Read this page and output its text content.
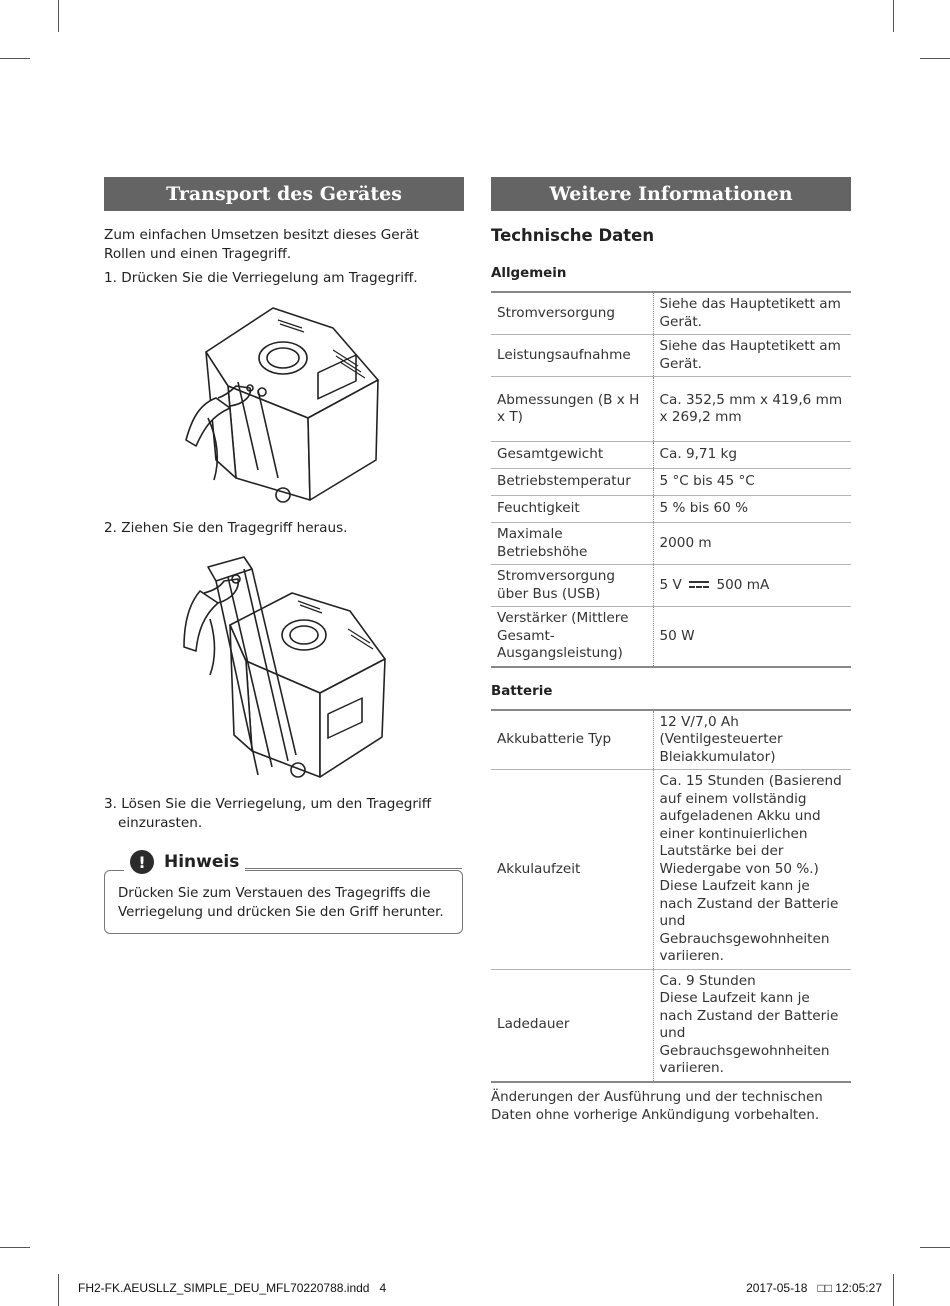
Transport des Gerätes

Zum einfachen Umsetzen besitzt dieses Gerät Rollen und einen Tragegriff.

1. Drücken Sie die Verriegelung am Tragegriff.

2. Ziehen Sie den Tragegriff heraus.

3. Lösen Sie die Verriegelung, um den Tragegriff
einzurasten.

!	Hinweis

Drücken Sie zum Verstauen des Tragegriffs die Verriegelung und drücken Sie den Griff herunter.

Weitere Informationen
Technische Daten
Allgemein
Stromversorgung	Siehe das Hauptetikett am Gerät.
Leistungsaufnahme	Siehe das Hauptetikett am Gerät.
Abmessungen (B x H x T)	Ca. 352,5 mm x 419,6 mm x 269,2 mm
Gesamtgewicht	Ca. 9,71 kg
Betriebstemperatur	5 °C bis 45 °C
Feuchtigkeit	5 % bis 60 %
Maximale Betriebshöhe	2000 m
Stromversorgung über Bus (USB)	5 V 500 mA
Verstärker (Mittlere Gesamt-Ausgangsleistung)	50 W
Batterie
Akkubatterie Typ	12 V/7,0 Ah (Ventilgesteuerter Bleiakkumulator)
Akkulaufzeit	Ca. 15 Stunden (Basierend auf einem vollständig aufgeladenen Akku und einer kontinuierlichen Lautstärke bei der Wiedergabe von 50 %.) Diese Laufzeit kann je nach Zustand der Batterie und Gebrauchsgewohnheiten variieren.
Ladedauer	Ca. 9 Stunden
Diese Laufzeit kann je nach Zustand der Batterie und Gebrauchsgewohnheiten variieren.

Änderungen der Ausführung und der technischen Daten ohne vorherige Ankündigung vorbehalten.

FH2-FK.AEUSLLZ_SIMPLE_DEU_MFL70220788.indd   4	2017-05-18   □□ 12:05:27
